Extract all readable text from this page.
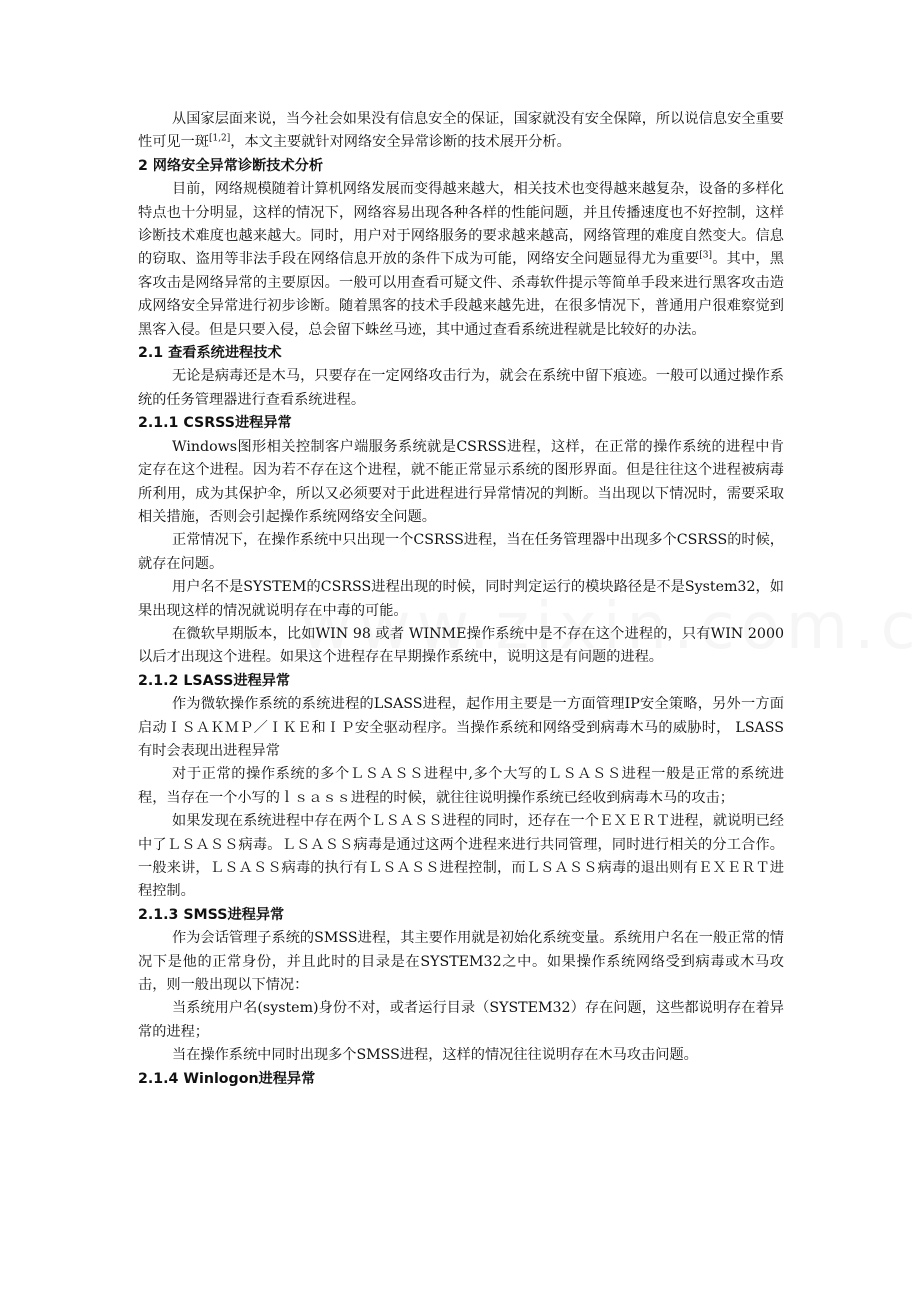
从国家层面来说，当今社会如果没有信息安全的保证，国家就没有安全保障，所以说信息安全重要性可见一斑[1,2]，本文主要就针对网络安全异常诊断的技术展开分析。

2 网络安全异常诊断技术分析

目前，网络规模随着计算机网络发展而变得越来越大，相关技术也变得越来越复杂，设备的多样化特点也十分明显，这样的情况下，网络容易出现各种各样的性能问题，并且传播速度也不好控制，这样诊断技术难度也越来越大。同时，用户对于网络服务的要求越来越高，网络管理的难度自然变大。信息的窃取、盗用等非法手段在网络信息开放的条件下成为可能，网络安全问题显得尤为重要[3]。其中，黑客攻击是网络异常的主要原因。一般可以用查看可疑文件、杀毒软件提示等简单手段来进行黑客攻击造成网络安全异常进行初步诊断。随着黑客的技术手段越来越先进，在很多情况下，普通用户很难察觉到黑客入侵。但是只要入侵，总会留下蛛丝马迹，其中通过查看系统进程就是比较好的办法。

2.1 查看系统进程技术

无论是病毒还是木马，只要存在一定网络攻击行为，就会在系统中留下痕迹。一般可以通过操作系统的任务管理器进行查看系统进程。

2.1.1 CSRSS进程异常

Windows图形相关控制客户端服务系统就是CSRSS进程，这样，在正常的操作系统的进程中肯定存在这个进程。因为若不存在这个进程，就不能正常显示系统的图形界面。但是往往这个进程被病毒所利用，成为其保护伞，所以又必须要对于此进程进行异常情况的判断。当出现以下情况时，需要采取相关措施，否则会引起操作系统网络安全问题。

正常情况下，在操作系统中只出现一个CSRSS进程，当在任务管理器中出现多个CSRSS的时候，就存在问题。

用户名不是SYSTEM的CSRSS进程出现的时候，同时判定运行的模块路径是不是System32，如果出现这样的情况就说明存在中毒的可能。

在微软早期版本，比如WIN 98 或者 WINME操作系统中是不存在这个进程的，只有WIN 2000以后才出现这个进程。如果这个进程存在早期操作系统中，说明这是有问题的进程。

2.1.2 LSASS进程异常

作为微软操作系统的系统进程的LSASS进程，起作用主要是一方面管理IP安全策略，另外一方面启动ＩＳＡＫＭＰ／ＩＫＥ和ＩＰ安全驱动程序。当操作系统和网络受到病毒木马的威胁时， LSASS有时会表现出进程异常

对于正常的操作系统的多个ＬＳＡＳＳ进程中,多个大写的ＬＳＡＳＳ进程一般是正常的系统进程，当存在一个小写的ｌｓａｓｓ进程的时候，就往往说明操作系统已经收到病毒木马的攻击；

如果发现在系统进程中存在两个ＬＳＡＳＳ进程的同时，还存在一个ＥＸＥＲＴ进程，就说明已经中了ＬＳＡＳＳ病毒。ＬＳＡＳＳ病毒是通过这两个进程来进行共同管理，同时进行相关的分工合作。一般来讲，ＬＳＡＳＳ病毒的执行有ＬＳＡＳＳ进程控制，而ＬＳＡＳＳ病毒的退出则有ＥＸＥＲＴ进程控制。

2.1.3 SMSS进程异常

作为会话管理子系统的SMSS进程，其主要作用就是初始化系统变量。系统用户名在一般正常的情况下是他的正常身份，并且此时的目录是在SYSTEM32之中。如果操作系统网络受到病毒或木马攻击，则一般出现以下情况：

当系统用户名(system)身份不对，或者运行目录（SYSTEM32）存在问题，这些都说明存在着异常的进程；

当在操作系统中同时出现多个SMSS进程，这样的情况往往说明存在木马攻击问题。

2.1.4 Winlogon进程异常
